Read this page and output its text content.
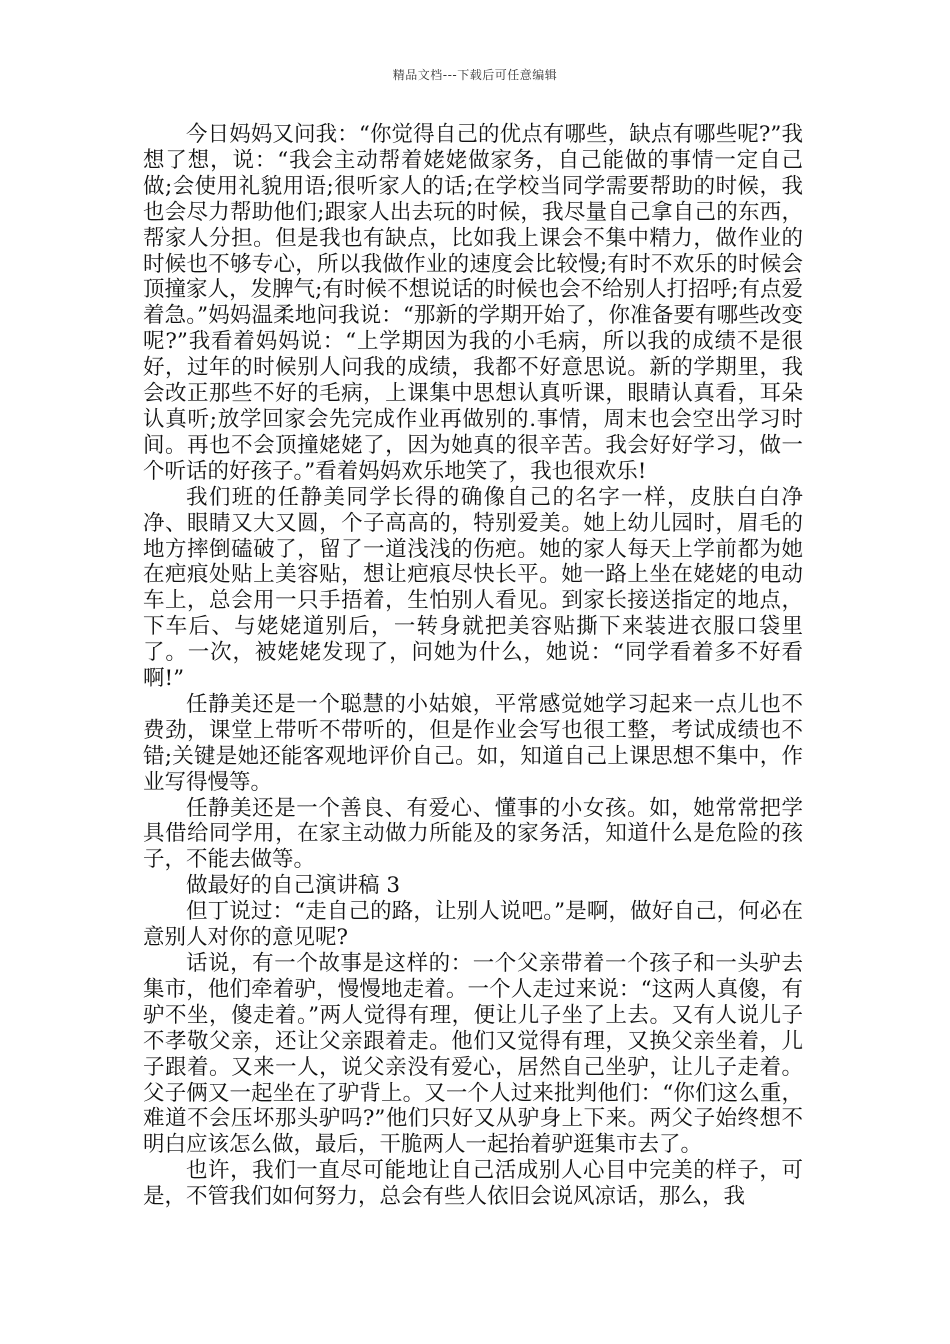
精品文档---下载后可任意编辑

今日妈妈又问我：“你觉得自己的优点有哪些，缺点有哪些呢?”我想了想，说：“我会主动帮着姥姥做家务，自己能做的事情一定自己做;会使用礼貌用语;很听家人的话;在学校当同学需要帮助的时候，我也会尽力帮助他们;跟家人出去玩的时候，我尽量自己拿自己的东西，帮家人分担。但是我也有缺点，比如我上课会不集中精力，做作业的时候也不够专心，所以我做作业的速度会比较慢;有时不欢乐的时候会顶撞家人，发脾气;有时候不想说话的时候也会不给别人打招呼;有点爱着急。”妈妈温柔地问我说：“那新的学期开始了，你准备要有哪些改变呢?”我看着妈妈说：“上学期因为我的小毛病，所以我的成绩不是很好，过年的时候别人问我的成绩，我都不好意思说。新的学期里，我会改正那些不好的毛病，上课集中思想认真听课，眼睛认真看，耳朵认真听;放学回家会先完成作业再做别的.事情，周末也会空出学习时间。再也不会顶撞姥姥了，因为她真的很辛苦。我会好好学习，做一个听话的好孩子。”看着妈妈欢乐地笑了，我也很欢乐!

我们班的任静美同学长得的确像自己的名字一样，皮肤白白净净、眼睛又大又圆，个子高高的，特别爱美。她上幼儿园时，眉毛的地方摔倒磕破了，留了一道浅浅的伤疤。她的家人每天上学前都为她在疤痕处贴上美容贴，想让疤痕尽快长平。她一路上坐在姥姥的电动车上，总会用一只手捂着，生怕别人看见。到家长接送指定的地点，下车后、与姥姥道别后，一转身就把美容贴撕下来装进衣服口袋里了。一次，被姥姥发现了，问她为什么，她说：“同学看着多不好看啊!”

任静美还是一个聪慧的小姑娘，平常感觉她学习起来一点儿也不费劲，课堂上带听不带听的，但是作业会写也很工整，考试成绩也不错;关键是她还能客观地评价自己。如，知道自己上课思想不集中，作业写得慢等。

任静美还是一个善良、有爱心、懂事的小女孩。如，她常常把学具借给同学用，在家主动做力所能及的家务活，知道什么是危险的孩子，不能去做等。

做最好的自己演讲稿 3

但丁说过：“走自己的路，让别人说吧。”是啊，做好自己，何必在意别人对你的意见呢?

话说，有一个故事是这样的：一个父亲带着一个孩子和一头驴去集市，他们牵着驴，慢慢地走着。一个人走过来说：“这两人真傻，有驴不坐，傻走着。”两人觉得有理，便让儿子坐了上去。又有人说儿子不孝敬父亲，还让父亲跟着走。他们又觉得有理，又换父亲坐着，儿子跟着。又来一人，说父亲没有爱心，居然自己坐驴，让儿子走着。父子俩又一起坐在了驴背上。又一个人过来批判他们：“你们这么重，难道不会压坏那头驴吗?”他们只好又从驴身上下来。两父子始终想不明白应该怎么做，最后，干脆两人一起抬着驴逛集市去了。

也许，我们一直尽可能地让自己活成别人心目中完美的样子，可是，不管我们如何努力，总会有些人依旧会说风凉话，那么，我
